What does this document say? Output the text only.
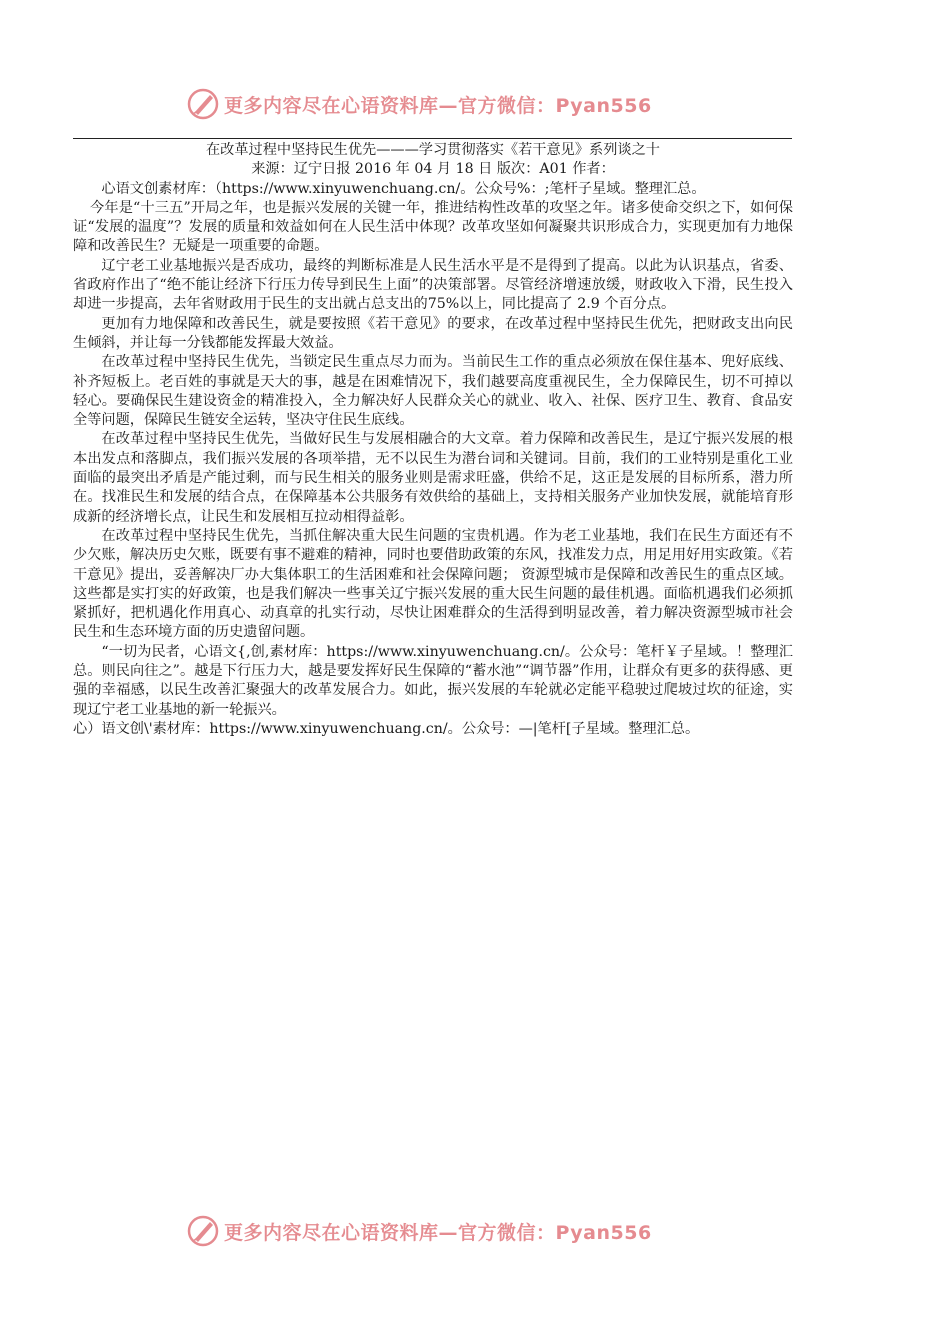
更多内容尽在心语资料库—官方微信：Pyan556
在改革过程中坚持民生优先———学习贯彻落实《若干意见》系列谈之十
来源：辽宁日报 2016 年 04 月 18 日 版次：A01 作者：

心语文创素材库：（https://www.xinyuwenchuang.cn/。公众号%：;笔杆子星域。整理汇总。

今年是“十三五”开局之年，也是振兴发展的关键一年，推进结构性改革的攻坚之年。诸多使命交织之下，如何保证“发展的温度”？发展的质量和效益如何在人民生活中体现？改革攻坚如何凝聚共识形成合力，实现更加有力地保障和改善民生？无疑是一项重要的命题。

辽宁老工业基地振兴是否成功，最终的判断标准是人民生活水平是不是得到了提高。以此为认识基点，省委、省政府作出了“绝不能让经济下行压力传导到民生上面”的决策部署。尽管经济增速放缓，财政收入下滑，民生投入却进一步提高，去年省财政用于民生的支出就占总支出的75%以上，同比提高了 2.9 个百分点。

更加有力地保障和改善民生，就是要按照《若干意见》的要求，在改革过程中坚持民生优先，把财政支出向民生倾斜，并让每一分钱都能发挥最大效益。

在改革过程中坚持民生优先，当锁定民生重点尽力而为。当前民生工作的重点必须放在保住基本、兜好底线、补齐短板上。老百姓的事就是天大的事，越是在困难情况下，我们越要高度重视民生，全力保障民生，切不可掉以轻心。要确保民生建设资金的精准投入，全力解决好人民群众关心的就业、收入、社保、医疗卫生、教育、食品安全等问题，保障民生链安全运转，坚决守住民生底线。

在改革过程中坚持民生优先，当做好民生与发展相融合的大文章。着力保障和改善民生，是辽宁振兴发展的根本出发点和落脚点，我们振兴发展的各项举措，无不以民生为潜台词和关键词。目前，我们的工业特别是重化工业面临的最突出矛盾是产能过剩，而与民生相关的服务业则是需求旺盛，供给不足，这正是发展的目标所系，潜力所在。找准民生和发展的结合点，在保障基本公共服务有效供给的基础上，支持相关服务产业加快发展，就能培育形成新的经济增长点，让民生和发展相互拉动相得益彰。

在改革过程中坚持民生优先，当抓住解决重大民生问题的宝贵机遇。作为老工业基地，我们在民生方面还有不少欠账，解决历史欠账，既要有事不避难的精神，同时也要借助政策的东风，找准发力点，用足用好用实政策。《若干意见》提出，妥善解决厂办大集体职工的生活困难和社会保障问题； 资源型城市是保障和改善民生的重点区域。这些都是实打实的好政策，也是我们解决一些事关辽宁振兴发展的重大民生问题的最佳机遇。面临机遇我们必须抓紧抓好，把机遇化作用真心、动真章的扎实行动，尽快让困难群众的生活得到明显改善，着力解决资源型城市社会民生和生态环境方面的历史遗留问题。

“一切为民者，心语文{,创,素材库：https://www.xinyuwenchuang.cn/。公众号：笔杆￥子星域。！整理汇总。则民向往之”。越是下行压力大，越是要发挥好民生保障的“蓄水池”“调节器”作用，让群众有更多的获得感、更强的幸福感，以民生改善汇聚强大的改革发展合力。如此，振兴发展的车轮就必定能平稳驶过爬坡过坎的征途，实现辽宁老工业基地的新一轮振兴。

心）语文创\'素材库：https://www.xinyuwenchuang.cn/。公众号：—|笔杆[子星域。整理汇总。

更多内容尽在心语资料库—官方微信：Pyan556
